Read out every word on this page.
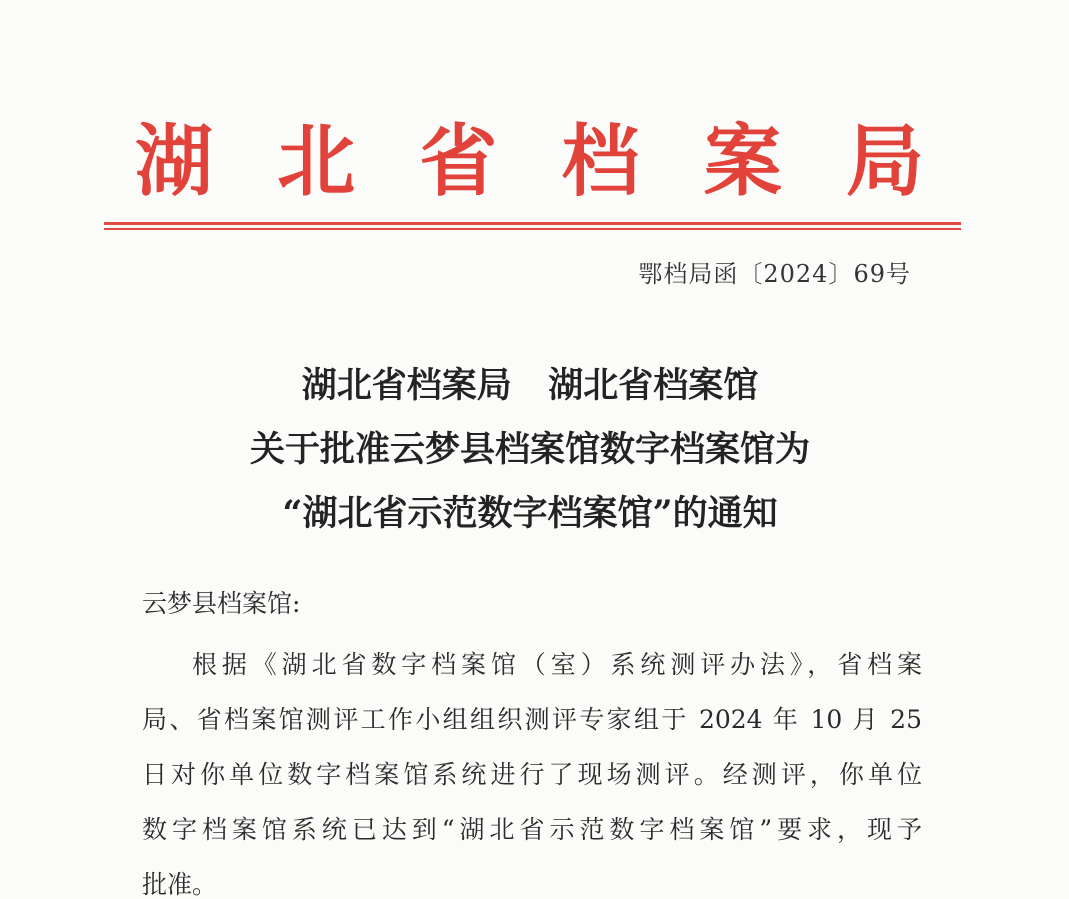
湖 北 省 档 案 局
鄂档局函〔2024〕69号
湖北省档案局   湖北省档案馆
关于批准云梦县档案馆数字档案馆为
“湖北省示范数字档案馆”的通知
云梦县档案馆:
根据《湖北省数字档案馆（室）系统测评办法》，省档案
局、省档案馆测评工作小组组织测评专家组于 2024 年 10 月 25
日对你单位数字档案馆系统进行了现场测评。经测评，你单位
数字档案馆系统已达到“湖北省示范数字档案馆”要求，现予
批准。
